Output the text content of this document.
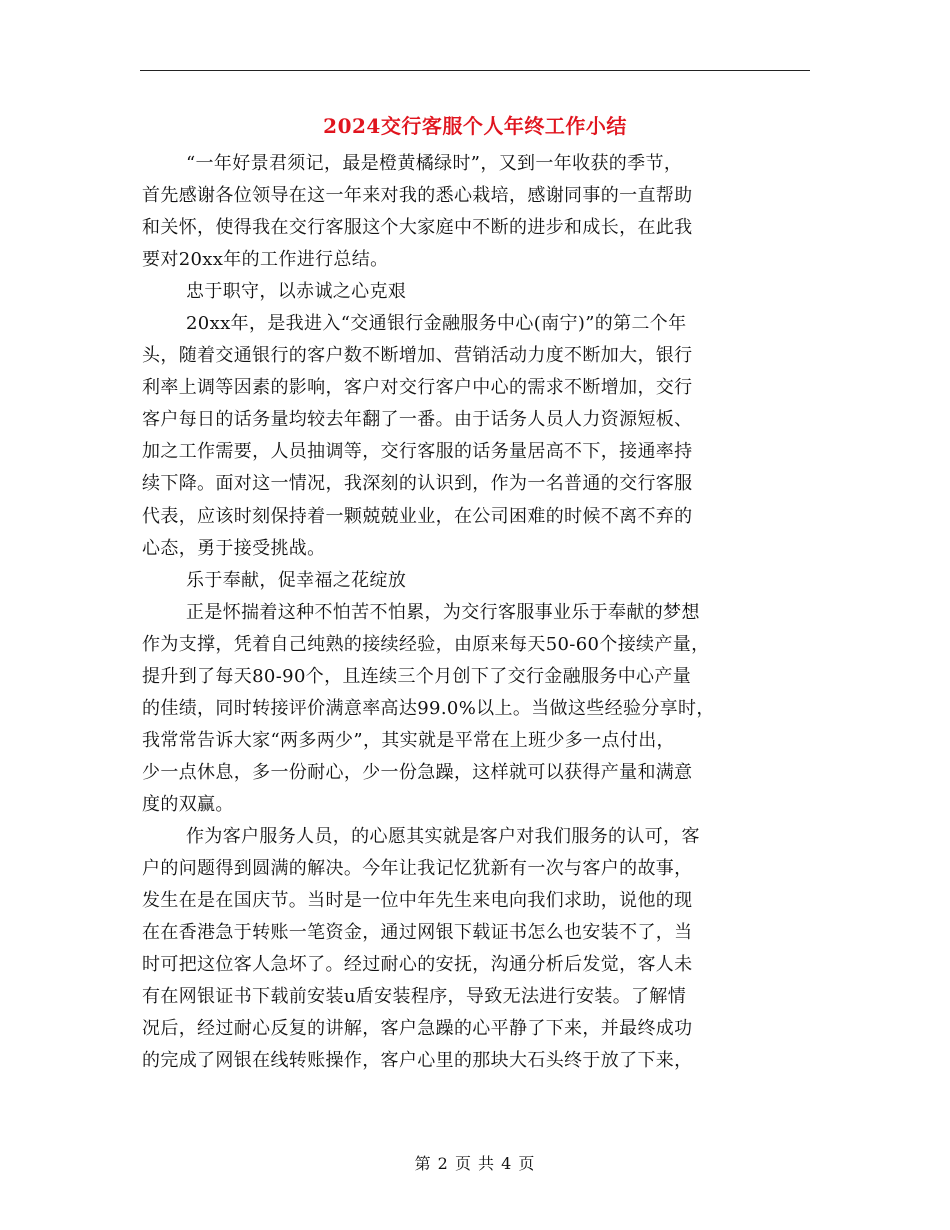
2024交行客服个人年终工作小结
“一年好景君须记，最是橙黄橘绿时”，又到一年收获的季节，
首先感谢各位领导在这一年来对我的悉心栽培，感谢同事的一直帮助
和关怀，使得我在交行客服这个大家庭中不断的进步和成长，在此我
要对20xx年的工作进行总结。
忠于职守，以赤诚之心克艰
20xx年，是我进入“交通银行金融服务中心(南宁)”的第二个年
头，随着交通银行的客户数不断增加、营销活动力度不断加大，银行
利率上调等因素的影响，客户对交行客户中心的需求不断增加，交行
客户每日的话务量均较去年翻了一番。由于话务人员人力资源短板、
加之工作需要，人员抽调等，交行客服的话务量居高不下，接通率持
续下降。面对这一情况，我深刻的认识到，作为一名普通的交行客服
代表，应该时刻保持着一颗兢兢业业，在公司困难的时候不离不弃的
心态，勇于接受挑战。
乐于奉献，促幸福之花绽放
正是怀揣着这种不怕苦不怕累，为交行客服事业乐于奉献的梦想
作为支撑，凭着自己纯熟的接续经验，由原来每天50-60个接续产量，
提升到了每天80-90个，且连续三个月创下了交行金融服务中心产量
的佳绩，同时转接评价满意率高达99.0%以上。当做这些经验分享时，
我常常告诉大家“两多两少”，其实就是平常在上班少多一点付出，
少一点休息，多一份耐心，少一份急躁，这样就可以获得产量和满意
度的双赢。
作为客户服务人员，的心愿其实就是客户对我们服务的认可，客
户的问题得到圆满的解决。今年让我记忆犹新有一次与客户的故事，
发生在是在国庆节。当时是一位中年先生来电向我们求助，说他的现
在在香港急于转账一笔资金，通过网银下载证书怎么也安装不了，当
时可把这位客人急坏了。经过耐心的安抚，沟通分析后发觉，客人未
有在网银证书下载前安装u盾安装程序，导致无法进行安装。了解情
况后，经过耐心反复的讲解，客户急躁的心平静了下来，并最终成功
的完成了网银在线转账操作，客户心里的那块大石头终于放了下来，
第 2 页 共 4 页
